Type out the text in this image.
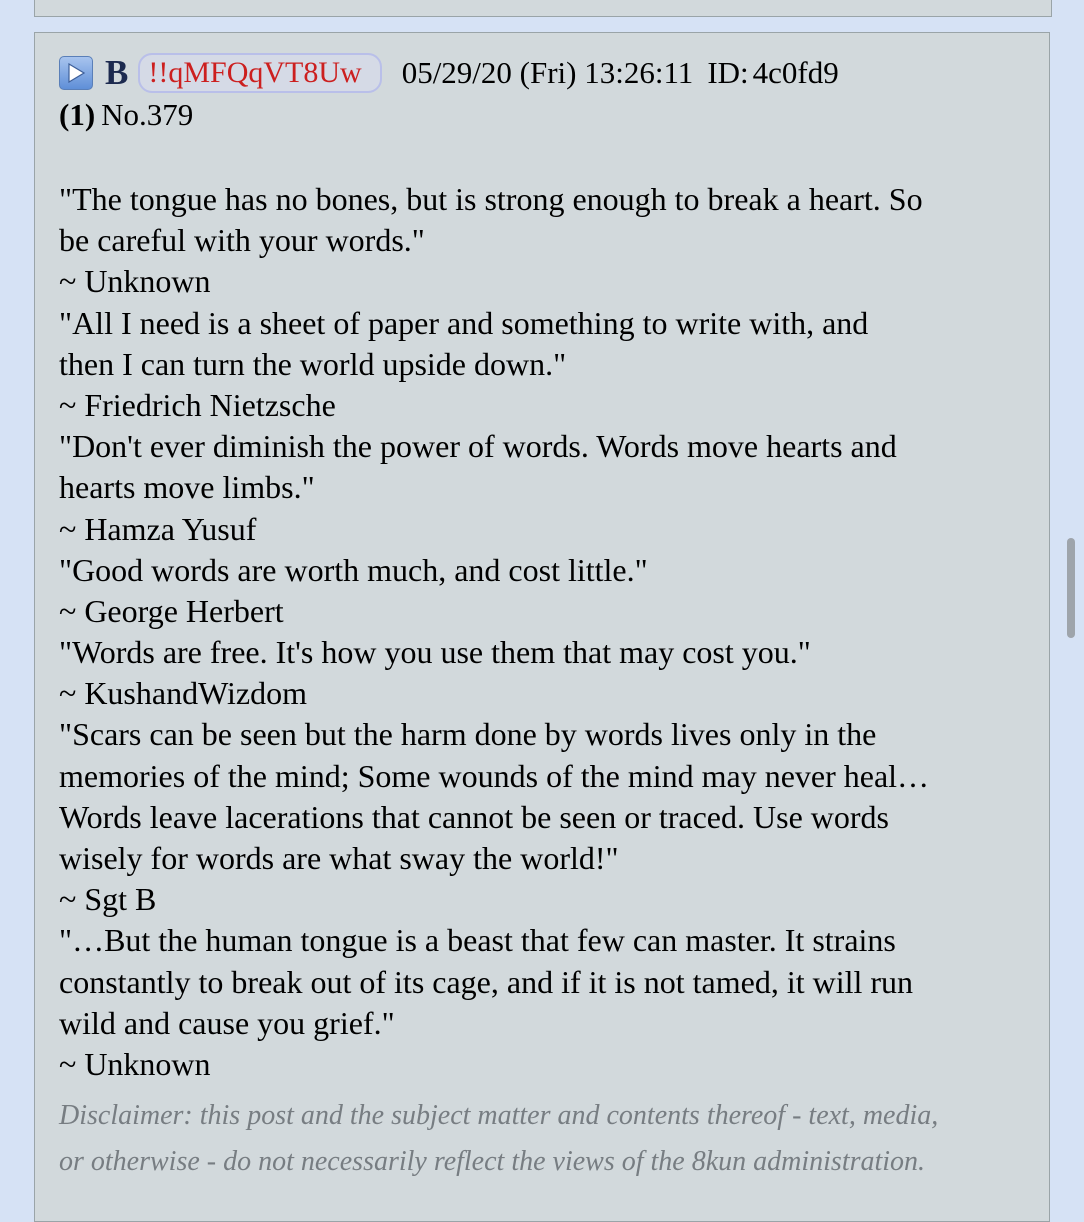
B !!qMFQqVT8Uw	05/29/20 (Fri) 13:26:11 ID: 4c0fd9
(1) No.379
"The tongue has no bones, but is strong enough to break a heart. So
be careful with your words."
~ Unknown
"All I need is a sheet of paper and something to write with, and
then I can turn the world upside down."
~ Friedrich Nietzsche
"Don't ever diminish the power of words. Words move hearts and
hearts move limbs."
~ Hamza Yusuf
"Good words are worth much, and cost little."
~ George Herbert
"Words are free. It's how you use them that may cost you."
~ KushandWizdom
"Scars can be seen but the harm done by words lives only in the
memories of the mind; Some wounds of the mind may never heal…
Words leave lacerations that cannot be seen or traced. Use words
wisely for words are what sway the world!"
~ Sgt B
"…But the human tongue is a beast that few can master. It strains
constantly to break out of its cage, and if it is not tamed, it will run
wild and cause you grief."
~ Unknown
Disclaimer: this post and the subject matter and contents thereof - text, media,
or otherwise - do not necessarily reflect the views of the 8kun administration.
